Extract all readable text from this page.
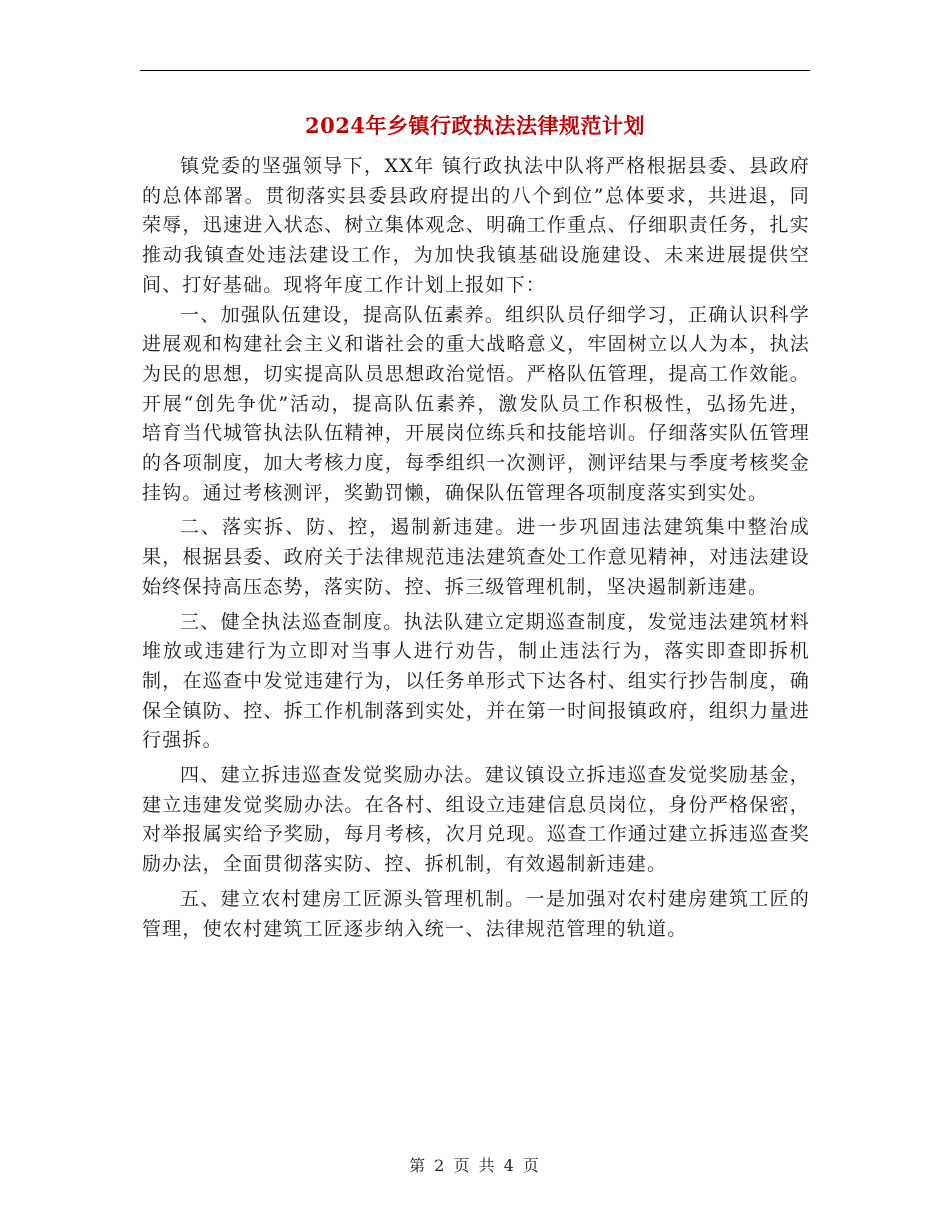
2024年乡镇行政执法法律规范计划

镇党委的坚强领导下，XX年 镇行政执法中队将严格根据县委、县政府的总体部署。贯彻落实县委县政府提出的八个到位”总体要求，共进退，同荣辱，迅速进入状态、树立集体观念、明确工作重点、仔细职责任务，扎实推动我镇查处违法建设工作，为加快我镇基础设施建设、未来进展提供空间、打好基础。现将年度工作计划上报如下：

一、加强队伍建设，提高队伍素养。组织队员仔细学习，正确认识科学进展观和构建社会主义和谐社会的重大战略意义，牢固树立以人为本，执法为民的思想，切实提高队员思想政治觉悟。严格队伍管理，提高工作效能。开展“创先争优”活动，提高队伍素养，激发队员工作积极性，弘扬先进，培育当代城管执法队伍精神，开展岗位练兵和技能培训。仔细落实队伍管理的各项制度，加大考核力度，每季组织一次测评，测评结果与季度考核奖金挂钩。通过考核测评，奖勤罚懒，确保队伍管理各项制度落实到实处。

二、落实拆、防、控，遏制新违建。进一步巩固违法建筑集中整治成果，根据县委、政府关于法律规范违法建筑查处工作意见精神，对违法建设始终保持高压态势，落实防、控、拆三级管理机制，坚决遏制新违建。

三、健全执法巡查制度。执法队建立定期巡查制度，发觉违法建筑材料堆放或违建行为立即对当事人进行劝告，制止违法行为，落实即查即拆机制，在巡查中发觉违建行为，以任务单形式下达各村、组实行抄告制度，确保全镇防、控、拆工作机制落到实处，并在第一时间报镇政府，组织力量进行强拆。

四、建立拆违巡查发觉奖励办法。建议镇设立拆违巡查发觉奖励基金，建立违建发觉奖励办法。在各村、组设立违建信息员岗位，身份严格保密，对举报属实给予奖励，每月考核，次月兑现。巡查工作通过建立拆违巡查奖励办法，全面贯彻落实防、控、拆机制，有效遏制新违建。

五、建立农村建房工匠源头管理机制。一是加强对农村建房建筑工匠的管理，使农村建筑工匠逐步纳入统一、法律规范管理的轨道。

第 2 页 共 4 页
